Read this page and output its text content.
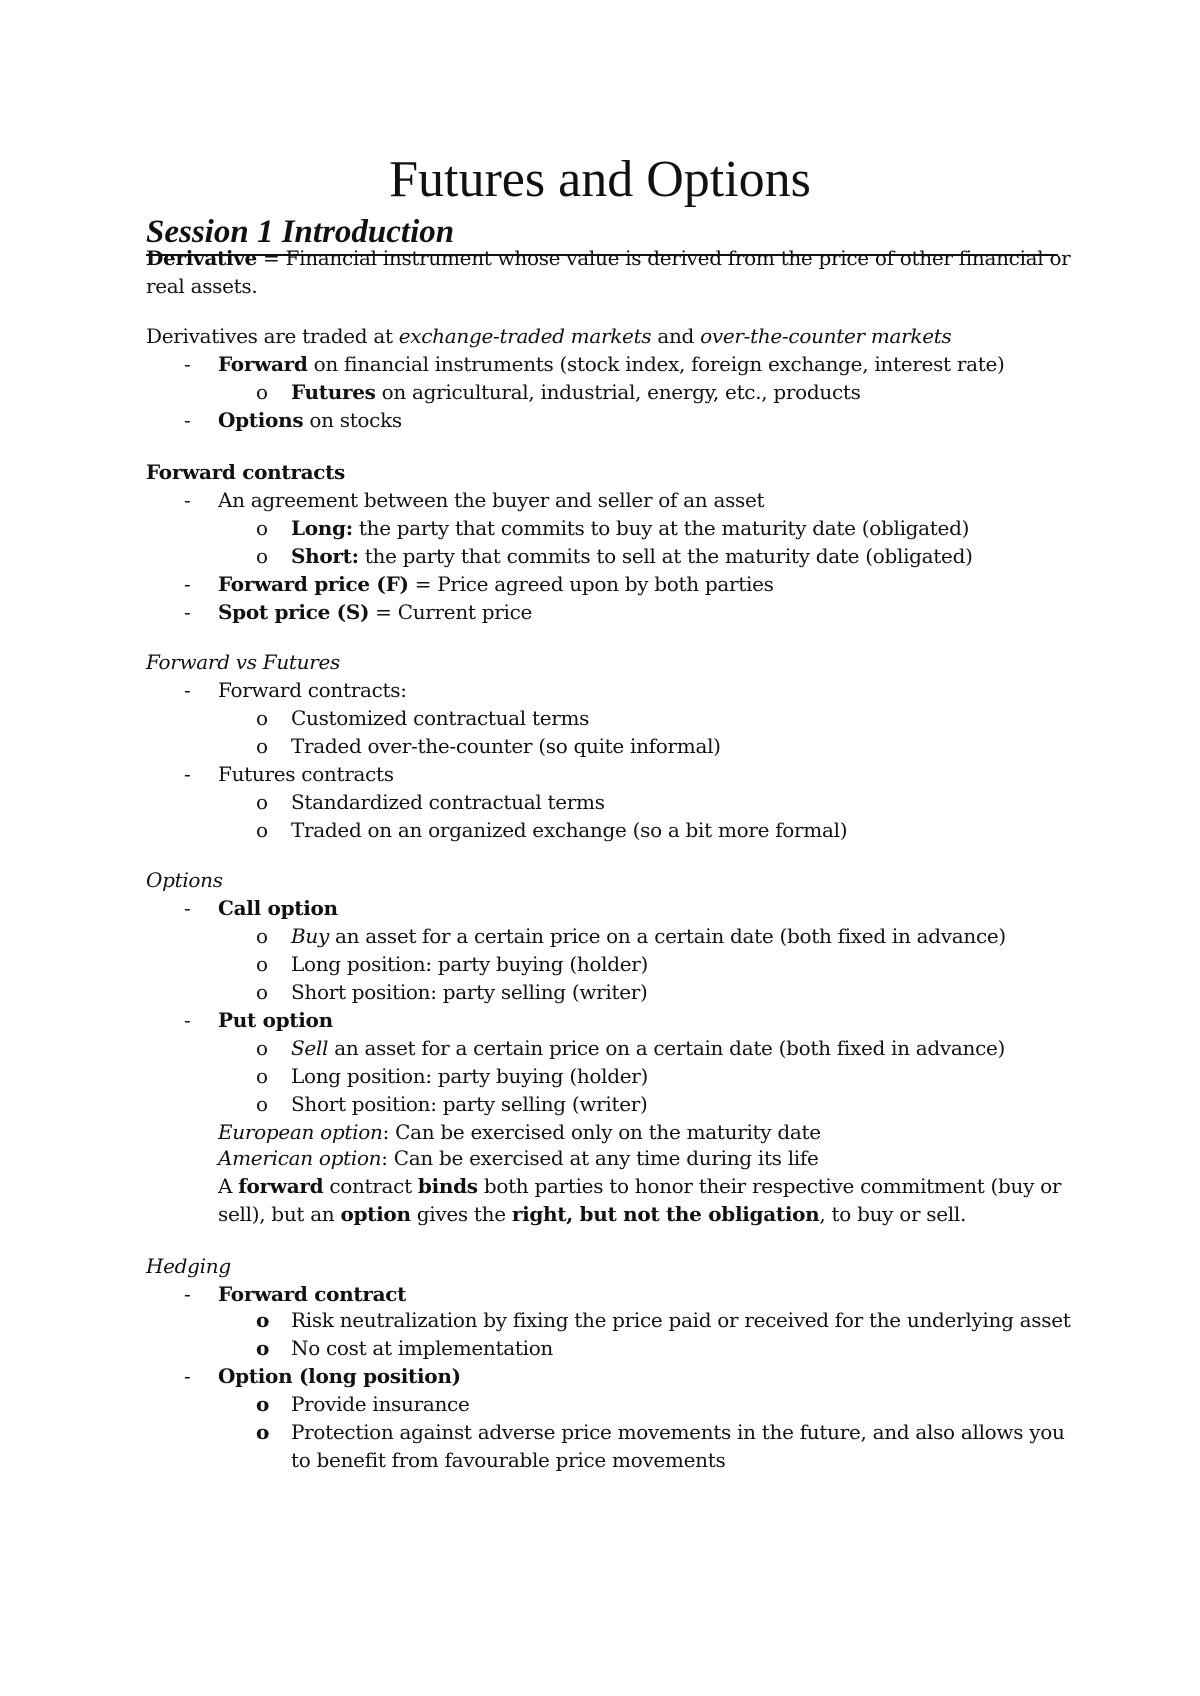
Futures and Options
Session 1 Introduction
Derivative = Financial instrument whose value is derived from the price of other financial or
real assets.
Derivatives are traded at exchange-traded markets and over-the-counter markets
- Forward on financial instruments (stock index, foreign exchange, interest rate)
o Futures on agricultural, industrial, energy, etc., products
- Options on stocks
Forward contracts
- An agreement between the buyer and seller of an asset
o Long: the party that commits to buy at the maturity date (obligated)
o Short: the party that commits to sell at the maturity date (obligated)
- Forward price (F) = Price agreed upon by both parties
- Spot price (S) = Current price
Forward vs Futures
- Forward contracts:
o Customized contractual terms
o Traded over-the-counter (so quite informal)
- Futures contracts
o Standardized contractual terms
o Traded on an organized exchange (so a bit more formal)
Options
- Call option
o Buy an asset for a certain price on a certain date (both fixed in advance)
o Long position: party buying (holder)
o Short position: party selling (writer)
- Put option
o Sell an asset for a certain price on a certain date (both fixed in advance)
o Long position: party buying (holder)
o Short position: party selling (writer)
European option: Can be exercised only on the maturity date
American option: Can be exercised at any time during its life
A forward contract binds both parties to honor their respective commitment (buy or
sell), but an option gives the right, but not the obligation, to buy or sell.
Hedging
- Forward contract
o Risk neutralization by fixing the price paid or received for the underlying asset
o No cost at implementation
- Option (long position)
o Provide insurance
o Protection against adverse price movements in the future, and also allows you
to benefit from favourable price movements
